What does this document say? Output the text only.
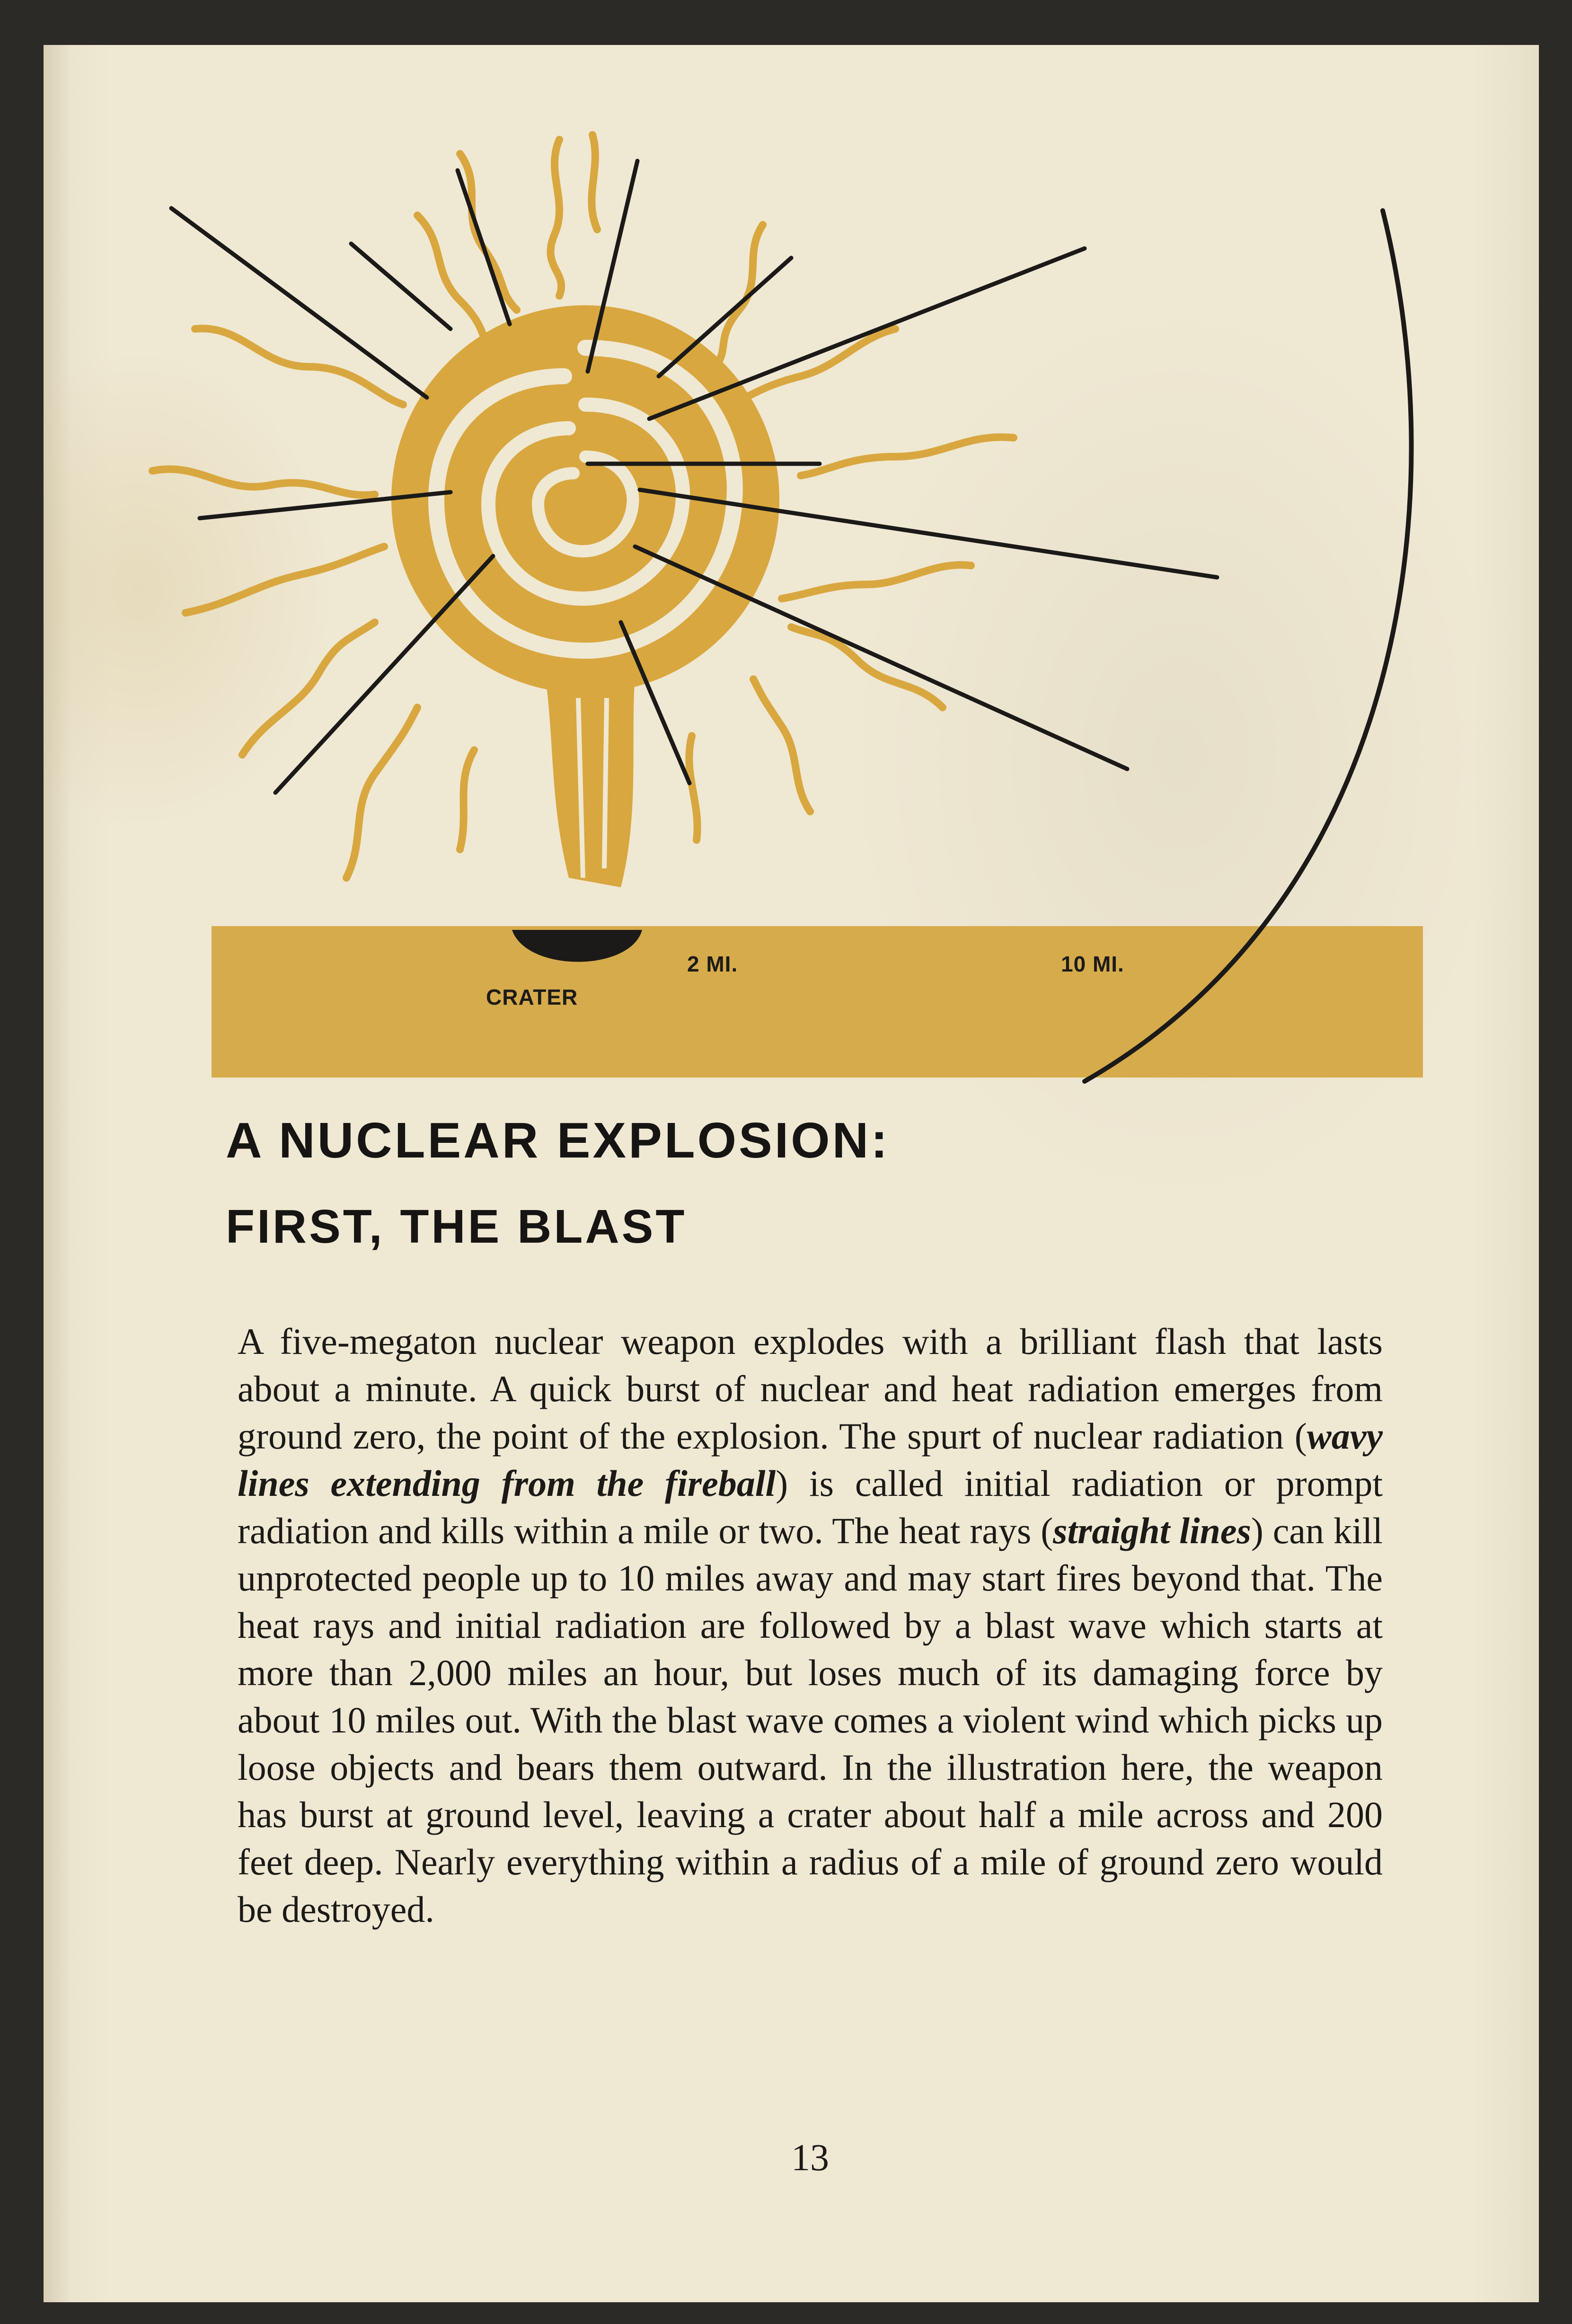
CRATER
2 MI.	10 MI.
A NUCLEAR EXPLOSION:
FIRST, THE BLAST

A five-megaton nuclear weapon explodes with a brilliant flash that lasts about a minute. A quick burst of nuclear and heat radiation emerges from ground zero, the point of the explosion. The spurt of nuclear radiation (wavy lines extending from the fireball) is called initial radiation or prompt radiation and kills within a mile or two. The heat rays (straight lines) can kill unprotected people up to 10 miles away and may start fires beyond that. The heat rays and initial radiation are followed by a blast wave which starts at more than 2,000 miles an hour, but loses much of its damaging force by about 10 miles out. With the blast wave comes a violent wind which picks up loose objects and bears them outward. In the illustration here, the weapon has burst at ground level, leaving a crater about half a mile across and 200 feet deep. Nearly everything within a radius of a mile of ground zero would be destroyed.

13
